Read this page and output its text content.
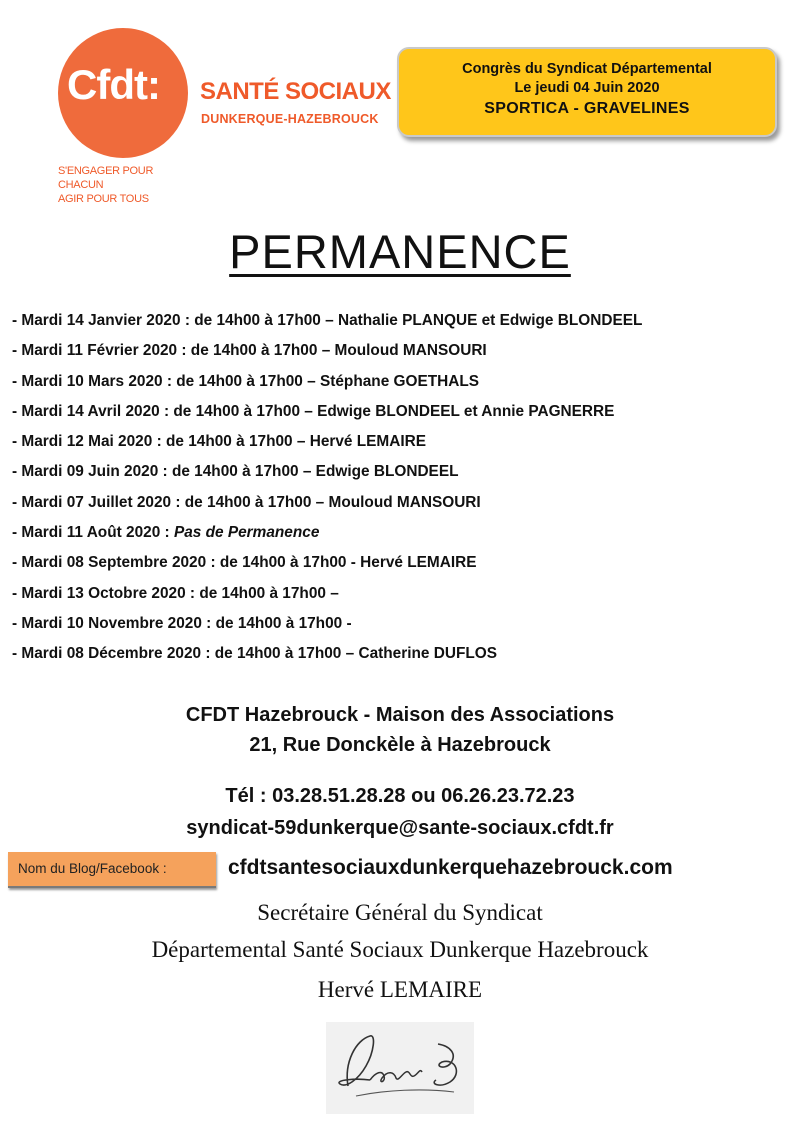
Cfdt: SANTÉ SOCIAUX
DUNKERQUE-HAZEBROUCK
S'ENGAGER POUR CHACUN
AGIR POUR TOUS
Congrès du Syndicat Départemental
Le jeudi 04 Juin 2020
SPORTICA - GRAVELINES
PERMANENCE
- Mardi 14 Janvier 2020 : de 14h00 à 17h00 – Nathalie PLANQUE et Edwige BLONDEEL
- Mardi 11 Février 2020 : de 14h00 à 17h00 – Mouloud MANSOURI
- Mardi 10 Mars 2020 : de 14h00 à 17h00 – Stéphane GOETHALS
- Mardi 14 Avril 2020 : de 14h00 à 17h00 – Edwige BLONDEEL et Annie PAGNERRE
- Mardi 12 Mai 2020 : de 14h00 à 17h00 – Hervé LEMAIRE
- Mardi 09 Juin 2020 : de 14h00 à 17h00 – Edwige BLONDEEL
- Mardi 07 Juillet 2020 : de 14h00 à 17h00 – Mouloud MANSOURI
- Mardi 11 Août 2020 : Pas de Permanence
- Mardi 08 Septembre 2020 : de 14h00 à 17h00 - Hervé LEMAIRE
- Mardi 13 Octobre 2020 : de 14h00 à 17h00 –
- Mardi 10 Novembre 2020 : de 14h00 à 17h00 -
- Mardi 08 Décembre 2020 : de 14h00 à 17h00 – Catherine DUFLOS
CFDT Hazebrouck - Maison des Associations
21, Rue Donckèle à Hazebrouck
Tél : 03.28.51.28.28 ou 06.26.23.72.23
syndicat-59dunkerque@sante-sociaux.cfdt.fr
Nom du Blog/Facebook :	cfdtsantesociauxdunkerquehazebrouck.com
Secrétaire Général du Syndicat
Départemental Santé Sociaux Dunkerque Hazebrouck
Hervé LEMAIRE
